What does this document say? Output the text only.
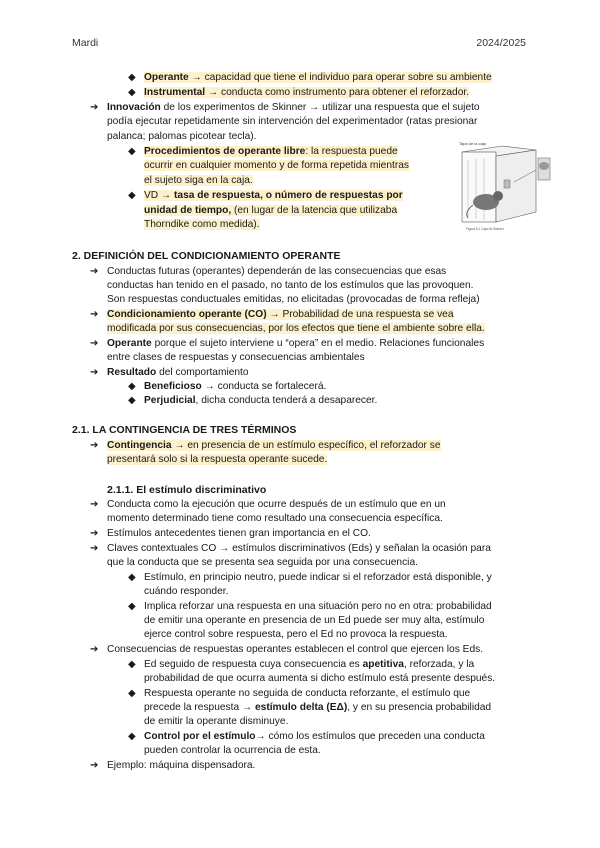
Mardi	2024/2025
◆ Operante → capacidad que tiene el individuo para operar sobre su ambiente
◆ Instrumental → conducta como instrumento para obtener el reforzador.
➔ Innovación de los experimentos de Skinner → utilizar una respuesta que el sujeto
podía ejecutar repetidamente sin intervención del experimentador (ratas presionar
palanca; palomas picotear tecla).
◆ Procedimientos de operante libre: la respuesta puede
ocurrir en cualquier momento y de forma repetida mientras
el sujeto siga en la caja.
◆ VD → tasa de respuesta, o número de respuestas por
unidad de tiempo, (en lugar de la latencia que utilizaba
Thorndike como medida).
Tapa de la caja
Figura 6.1 Caja de Skinner
2. DEFINICIÓN DEL CONDICIONAMIENTO OPERANTE
➔ Conductas futuras (operantes) dependerán de las consecuencias que esas
conductas han tenido en el pasado, no tanto de los estímulos que las provoquen.
Son respuestas conductuales emitidas, no elicitadas (provocadas de forma refleja)
➔ Condicionamiento operante (CO) → Probabilidad de una respuesta se vea
modificada por sus consecuencias, por los efectos que tiene el ambiente sobre ella.
➔ Operante porque el sujeto interviene u “opera” en el medio. Relaciones funcionales
entre clases de respuestas y consecuencias ambientales
➔ Resultado del comportamiento
◆ Beneficioso → conducta se fortalecerá.
◆ Perjudicial, dicha conducta tenderá a desaparecer.
2.1. LA CONTINGENCIA DE TRES TÉRMINOS
➔ Contingencia → en presencia de un estímulo específico, el reforzador se
presentará solo si la respuesta operante sucede.
2.1.1. El estímulo discriminativo
➔ Conducta como la ejecución que ocurre después de un estímulo que en un
momento determinado tiene como resultado una consecuencia específica.
➔ Estímulos antecedentes tienen gran importancia en el CO.
➔ Claves contextuales CO → estímulos discriminativos (Eds) y señalan la ocasión para
que la conducta que se presenta sea seguida por una consecuencia.
◆ Estímulo, en principio neutro, puede indicar si el reforzador está disponible, y
cuándo responder.
◆ Implica reforzar una respuesta en una situación pero no en otra: probabilidad
de emitir una operante en presencia de un Ed puede ser muy alta, estímulo
ejerce control sobre respuesta, pero el Ed no provoca la respuesta.
➔ Consecuencias de respuestas operantes establecen el control que ejercen los Eds.
◆ Ed seguido de respuesta cuya consecuencia es apetitiva, reforzada, y la
probabilidad de que ocurra aumenta si dicho estímulo está presente después.
◆ Respuesta operante no seguida de conducta reforzante, el estímulo que
precede la respuesta → estímulo delta (EΔ), y en su presencia probabilidad
de emitir la operante disminuye.
◆ Control por el estímulo→ cómo los estímulos que preceden una conducta
pueden controlar la ocurrencia de esta.
➔ Ejemplo: máquina dispensadora.
